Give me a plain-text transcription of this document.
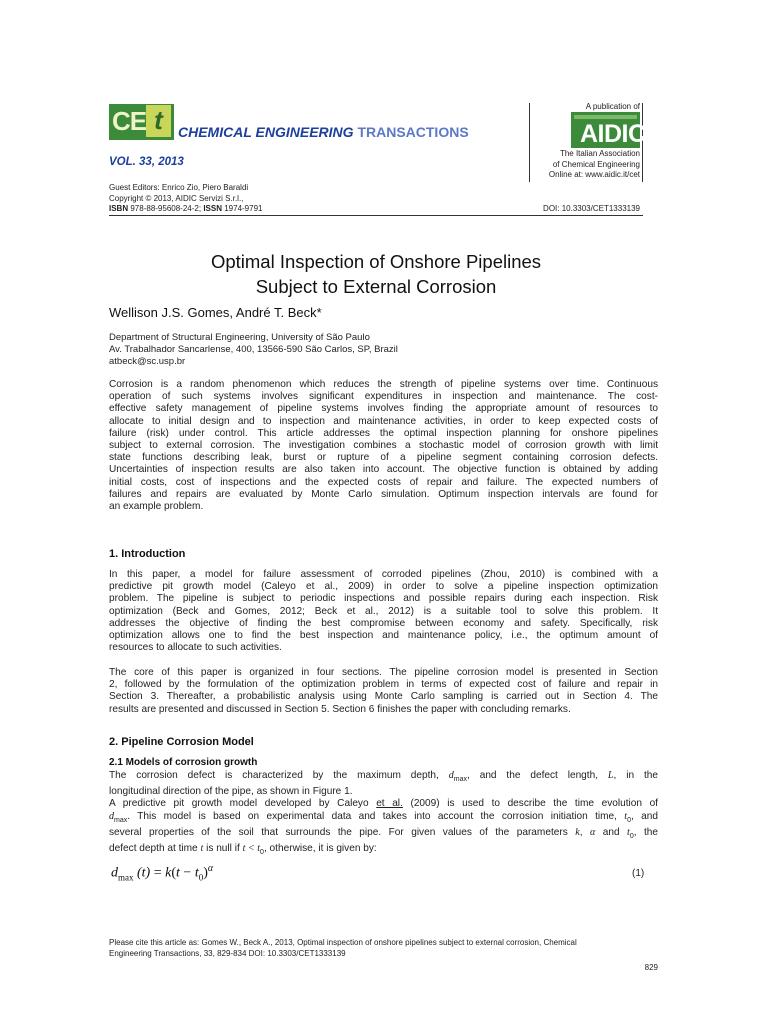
CE t	CHEMICAL ENGINEERING TRANSACTIONS
VOL. 33, 2013
Guest Editors: Enrico Zio, Piero Baraldi
Copyright © 2013, AIDIC Servizi S.r.l.,
ISBN 978-88-95608-24-2; ISSN 1974-9791
A publication of
AIDIC
The Italian Association
of Chemical Engineering
Online at: www.aidic.it/cet
DOI: 10.3303/CET1333139
Optimal Inspection of Onshore Pipelines
Subject to External Corrosion
Wellison J.S. Gomes, André T. Beck*
Department of Structural Engineering, University of São Paulo
Av. Trabalhador Sancarlense, 400, 13566-590 São Carlos, SP, Brazil
atbeck@sc.usp.br
Corrosion is a random phenomenon which reduces the strength of pipeline systems over time. Continuous
operation of such systems involves significant expenditures in inspection and maintenance. The cost-
effective safety management of pipeline systems involves finding the appropriate amount of resources to
allocate to initial design and to inspection and maintenance activities, in order to keep expected costs of
failure (risk) under control. This article addresses the optimal inspection planning for onshore pipelines
subject to external corrosion. The investigation combines a stochastic model of corrosion growth with limit
state functions describing leak, burst or rupture of a pipeline segment containing corrosion defects.
Uncertainties of inspection results are also taken into account. The objective function is obtained by adding
initial costs, cost of inspections and the expected costs of repair and failure. The expected numbers of
failures and repairs are evaluated by Monte Carlo simulation. Optimum inspection intervals are found for
an example problem.
1. Introduction
In this paper, a model for failure assessment of corroded pipelines (Zhou, 2010) is combined with a
predictive pit growth model (Caleyo et al., 2009) in order to solve a pipeline inspection optimization
problem. The pipeline is subject to periodic inspections and possible repairs during each inspection. Risk
optimization (Beck and Gomes, 2012; Beck et al., 2012) is a suitable tool to solve this problem. It
addresses the objective of finding the best compromise between economy and safety. Specifically, risk
optimization allows one to find the best inspection and maintenance policy, i.e., the optimum amount of
resources to allocate to such activities.
The core of this paper is organized in four sections. The pipeline corrosion model is presented in Section
2, followed by the formulation of the optimization problem in terms of expected cost of failure and repair in
Section 3. Thereafter, a probabilistic analysis using Monte Carlo sampling is carried out in Section 4. The
results are presented and discussed in Section 5. Section 6 finishes the paper with concluding remarks.
2. Pipeline Corrosion Model
2.1 Models of corrosion growth
The corrosion defect is characterized by the maximum depth, $d_{max}$, and the defect length, L, in the
longitudinal direction of the pipe, as shown in Figure 1.
A predictive pit growth model developed by Caleyo et al. (2009) is used to describe the time evolution of
$d_{max}$. This model is based on experimental data and takes into account the corrosion initiation time, $t_0$, and
several properties of the soil that surrounds the pipe. For given values of the parameters k, α and $t_0$, the
defect depth at time t is null if $t < t_0$, otherwise, it is given by:
$d_{max}$ $(t) = k(t - t_0)^\alpha$	(1)
Please cite this article as: Gomes W., Beck A., 2013, Optimal inspection of onshore pipelines subject to external corrosion, Chemical
Engineering Transactions, 33, 829-834 DOI: 10.3303/CET1333139
829
